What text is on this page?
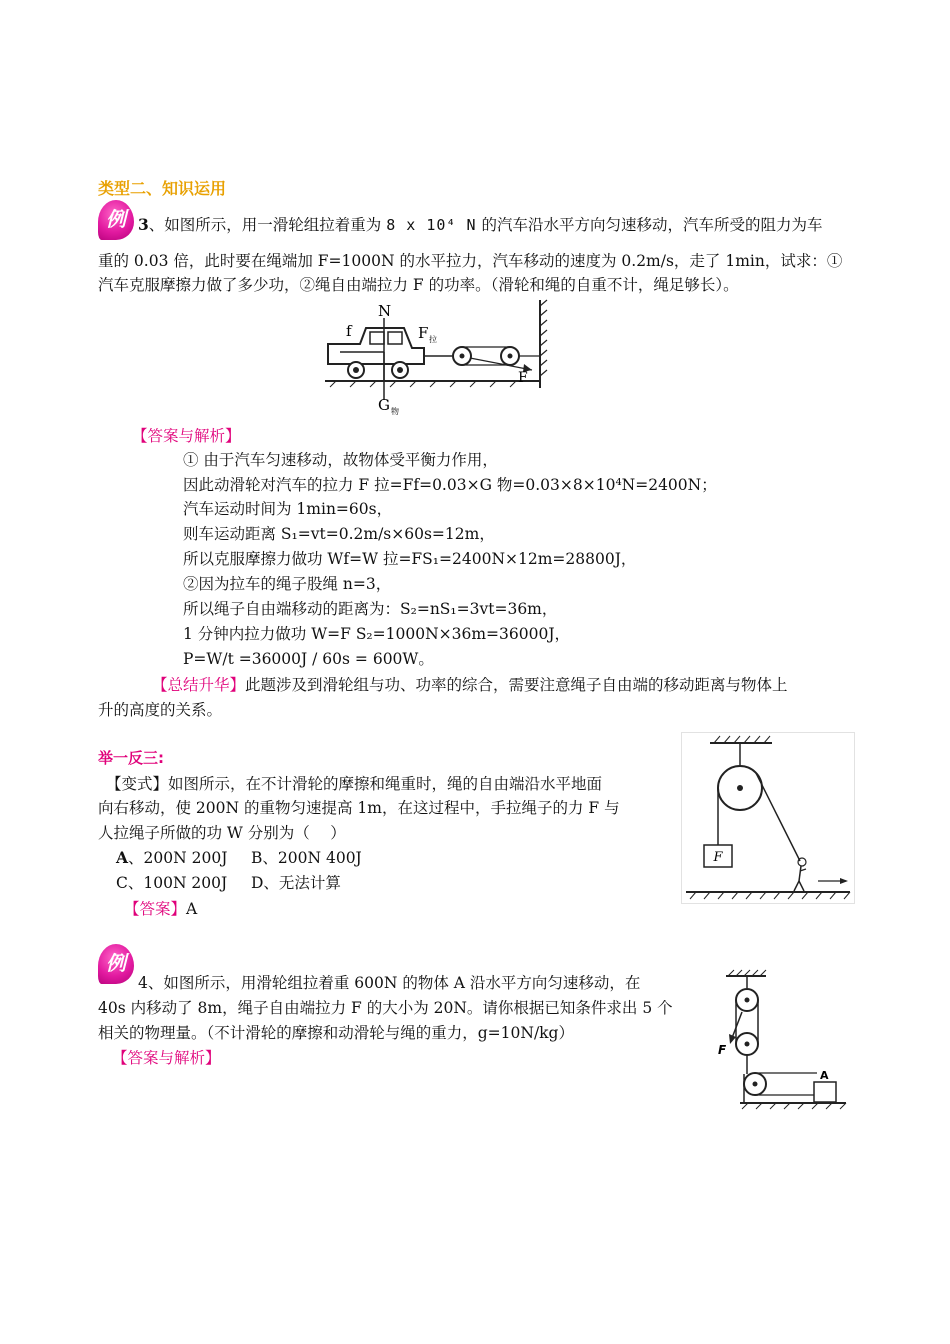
类型二、知识运用
例 3、如图所示，用一滑轮组拉着重为 8 x 10⁴ N 的汽车沿水平方向匀速移动，汽车所受的阻力为车
重的 0.03 倍，此时要在绳端加 F=1000N 的水平拉力，汽车移动的速度为 0.2m/s，走了 1min，试求：①
汽车克服摩擦力做了多少功，②绳自由端拉力 F 的功率。（滑轮和绳的自重不计，绳足够长）。
f
N
F 拉
F
G 物
【答案与解析】
① 由于汽车匀速移动，故物体受平衡力作用，
因此动滑轮对汽车的拉力 F 拉=Ff=0.03×G 物=0.03×8×10⁴N=2400N；
汽车运动时间为 1min=60s，
则车运动距离 S₁=vt=0.2m/s×60s=12m，
所以克服摩擦力做功 Wf=W 拉=FS₁=2400N×12m=28800J，
②因为拉车的绳子股绳 n=3，
所以绳子自由端移动的距离为：S₂=nS₁=3vt=36m，
1 分钟内拉力做功 W=F S₂=1000N×36m=36000J，
P=W/t =36000J / 60s = 600W。
【总结升华】此题涉及到滑轮组与功、功率的综合，需要注意绳子自由端的移动距离与物体上
升的高度的关系。
举一反三:
【变式】如图所示，在不计滑轮的摩擦和绳重时，绳的自由端沿水平地面
向右移动，使 200N 的重物匀速提高 1m，在这过程中，手拉绳子的力 F 与
人拉绳子所做的功 W 分别为（　 ）
A、200N 200J B、200N 400J
C、100N 200J D、无法计算
【答案】A
F
例
4、如图所示，用滑轮组拉着重 600N 的物体 A 沿水平方向匀速移动，在
40s 内移动了 8m，绳子自由端拉力 F 的大小为 20N。请你根据已知条件求出 5 个
相关的物理量。（不计滑轮的摩擦和动滑轮与绳的重力，g=10N/kg）
【答案与解析】	F
A
